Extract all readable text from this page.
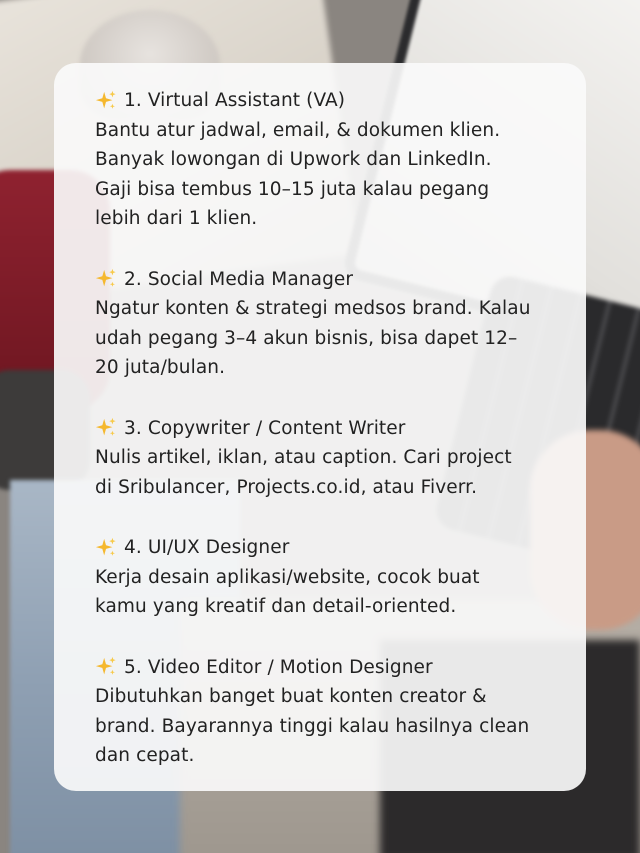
1. Virtual Assistant (VA)
Bantu atur jadwal, email, & dokumen klien.
Banyak lowongan di Upwork dan LinkedIn.
Gaji bisa tembus 10–15 juta kalau pegang
lebih dari 1 klien.
2. Social Media Manager
Ngatur konten & strategi medsos brand. Kalau
udah pegang 3–4 akun bisnis, bisa dapet 12–
20 juta/bulan.
3. Copywriter / Content Writer
Nulis artikel, iklan, atau caption. Cari project
di Sribulancer, Projects.co.id, atau Fiverr.
4. UI/UX Designer
Kerja desain aplikasi/website, cocok buat
kamu yang kreatif dan detail-oriented.
5. Video Editor / Motion Designer
Dibutuhkan banget buat konten creator &
brand. Bayarannya tinggi kalau hasilnya clean
dan cepat.
